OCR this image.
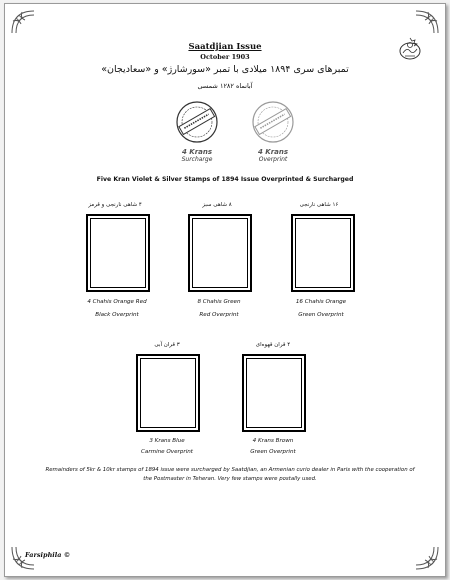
Saatdjian Issue
October 1903
تمبرهای سری ۱۸۹۴ میلادی با تمبر «سورشارژ» و «سعادیجان»
آبانماه ۱۲۸۲ شمسی
4 Krans
Surcharge
4 Krans
Overprint
Five Kran Violet & Silver Stamps of 1894 Issue Overprinted & Surcharged
۴ شاهی نارنجی و قرمز	۸ شاهی سبز	۱۶ شاهی نارنجی
4 Chahis Orange Red
Black Overprint
8 Chahis Green
Red Overprint
16 Chahis Orange
Green Overprint
۳ قران آبی	۴ قران قهوه‌ای
3 Krans Blue
Carmine Overprint
4 Krans Brown
Green Overprint
Remainders of 5kr & 10kr stamps of 1894 issue were surcharged by Saatdjian, an Armenian curio dealer in Paris with the cooperation of the Postmaster in Teheran. Very few stamps were postally used.
Farsiphila ©
